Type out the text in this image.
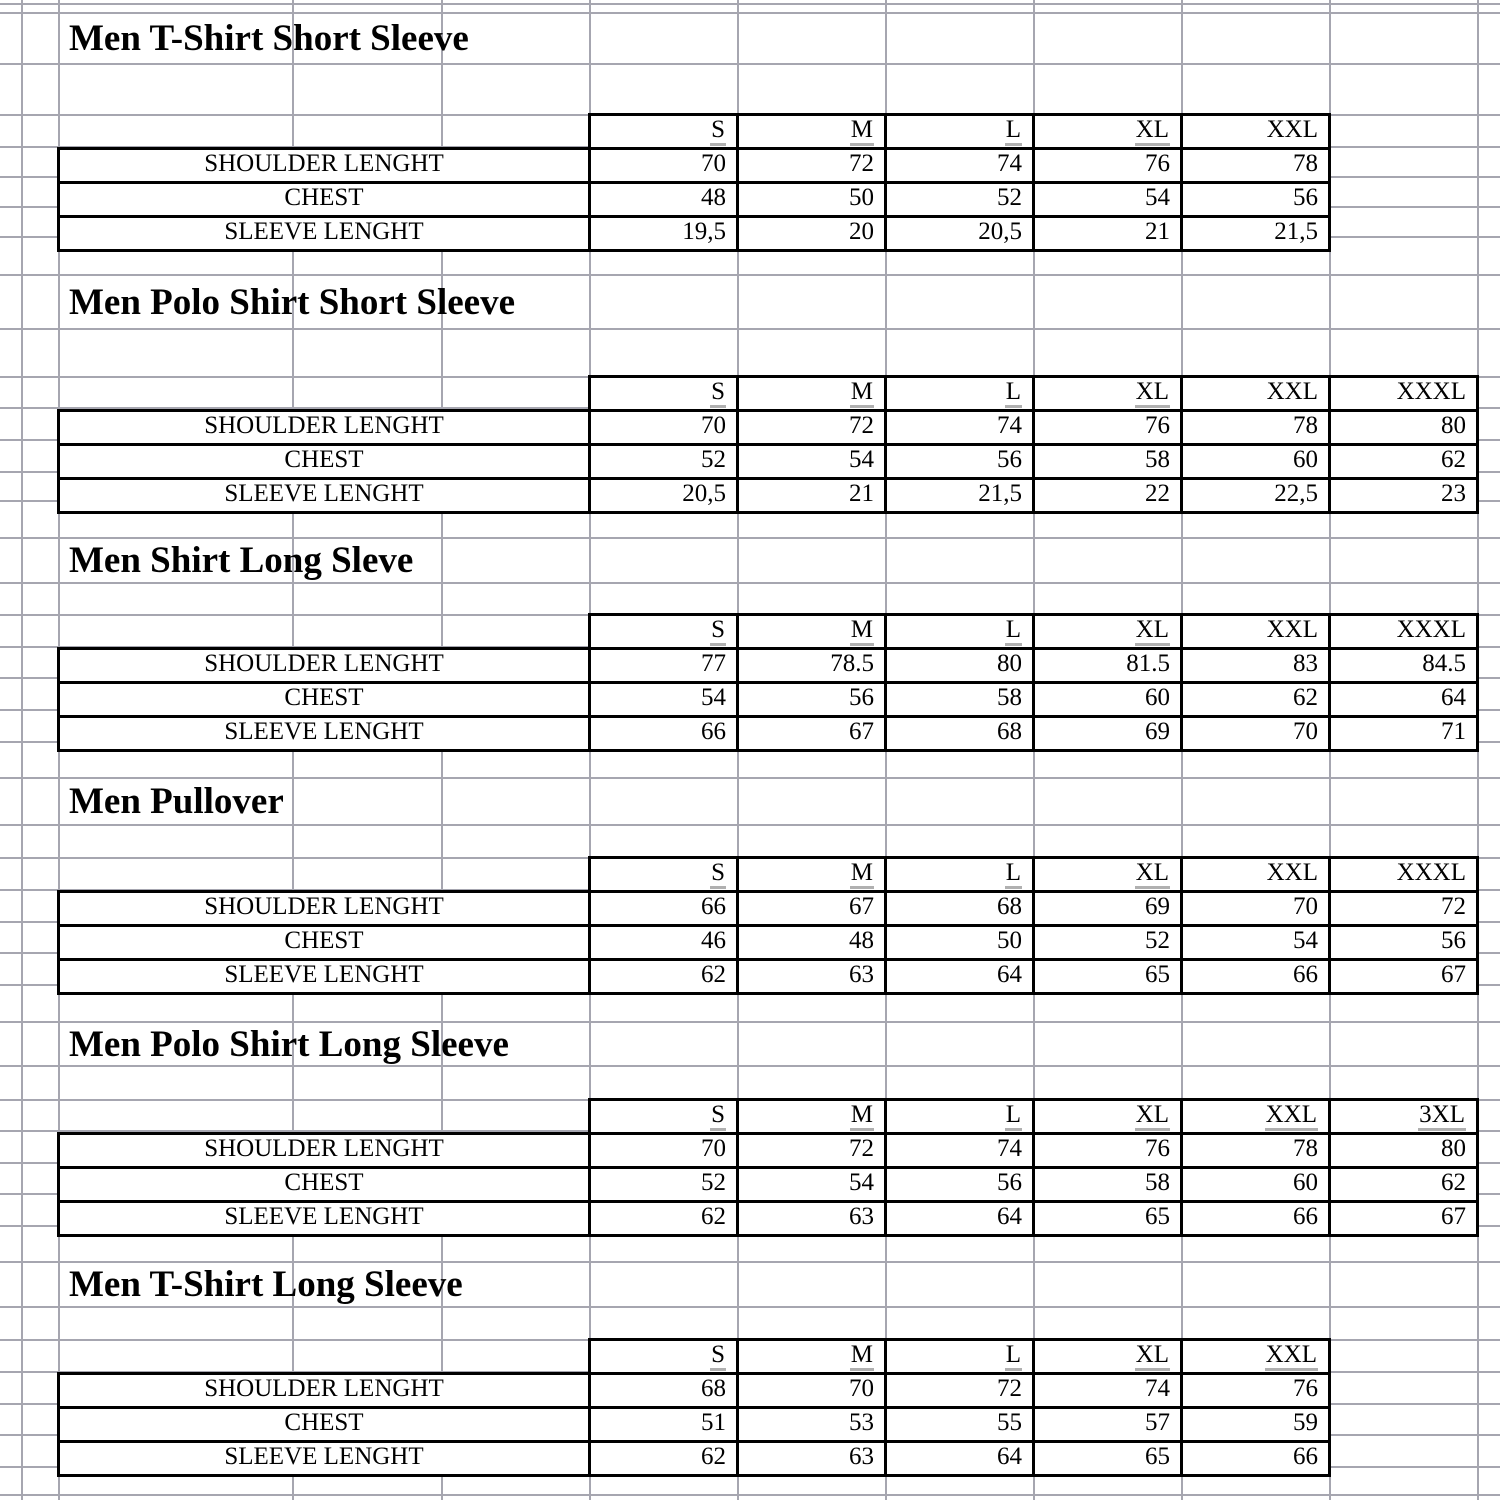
Men T-Shirt Short Sleeve
Men Polo Shirt Short Sleeve
Men Shirt Long Sleve
Men Pullover
Men Polo Shirt Long Sleeve
Men T-Shirt Long Sleeve
	S	M	L	XL	XXL
SHOULDER LENGHT	70	72	74	76	78
CHEST	48	50	52	54	56
SLEEVE LENGHT	19,5	20	20,5	21	21,5
	S	M	L	XL	XXL	XXXL
SHOULDER LENGHT	70	72	74	76	78	80
CHEST	52	54	56	58	60	62
SLEEVE LENGHT	20,5	21	21,5	22	22,5	23
	S	M	L	XL	XXL	XXXL
SHOULDER LENGHT	77	78.5	80	81.5	83	84.5
CHEST	54	56	58	60	62	64
SLEEVE LENGHT	66	67	68	69	70	71
	S	M	L	XL	XXL	XXXL
SHOULDER LENGHT	66	67	68	69	70	72
CHEST	46	48	50	52	54	56
SLEEVE LENGHT	62	63	64	65	66	67
	S	M	L	XL	XXL	3XL
SHOULDER LENGHT	70	72	74	76	78	80
CHEST	52	54	56	58	60	62
SLEEVE LENGHT	62	63	64	65	66	67
	S	M	L	XL	XXL
SHOULDER LENGHT	68	70	72	74	76
CHEST	51	53	55	57	59
SLEEVE LENGHT	62	63	64	65	66
